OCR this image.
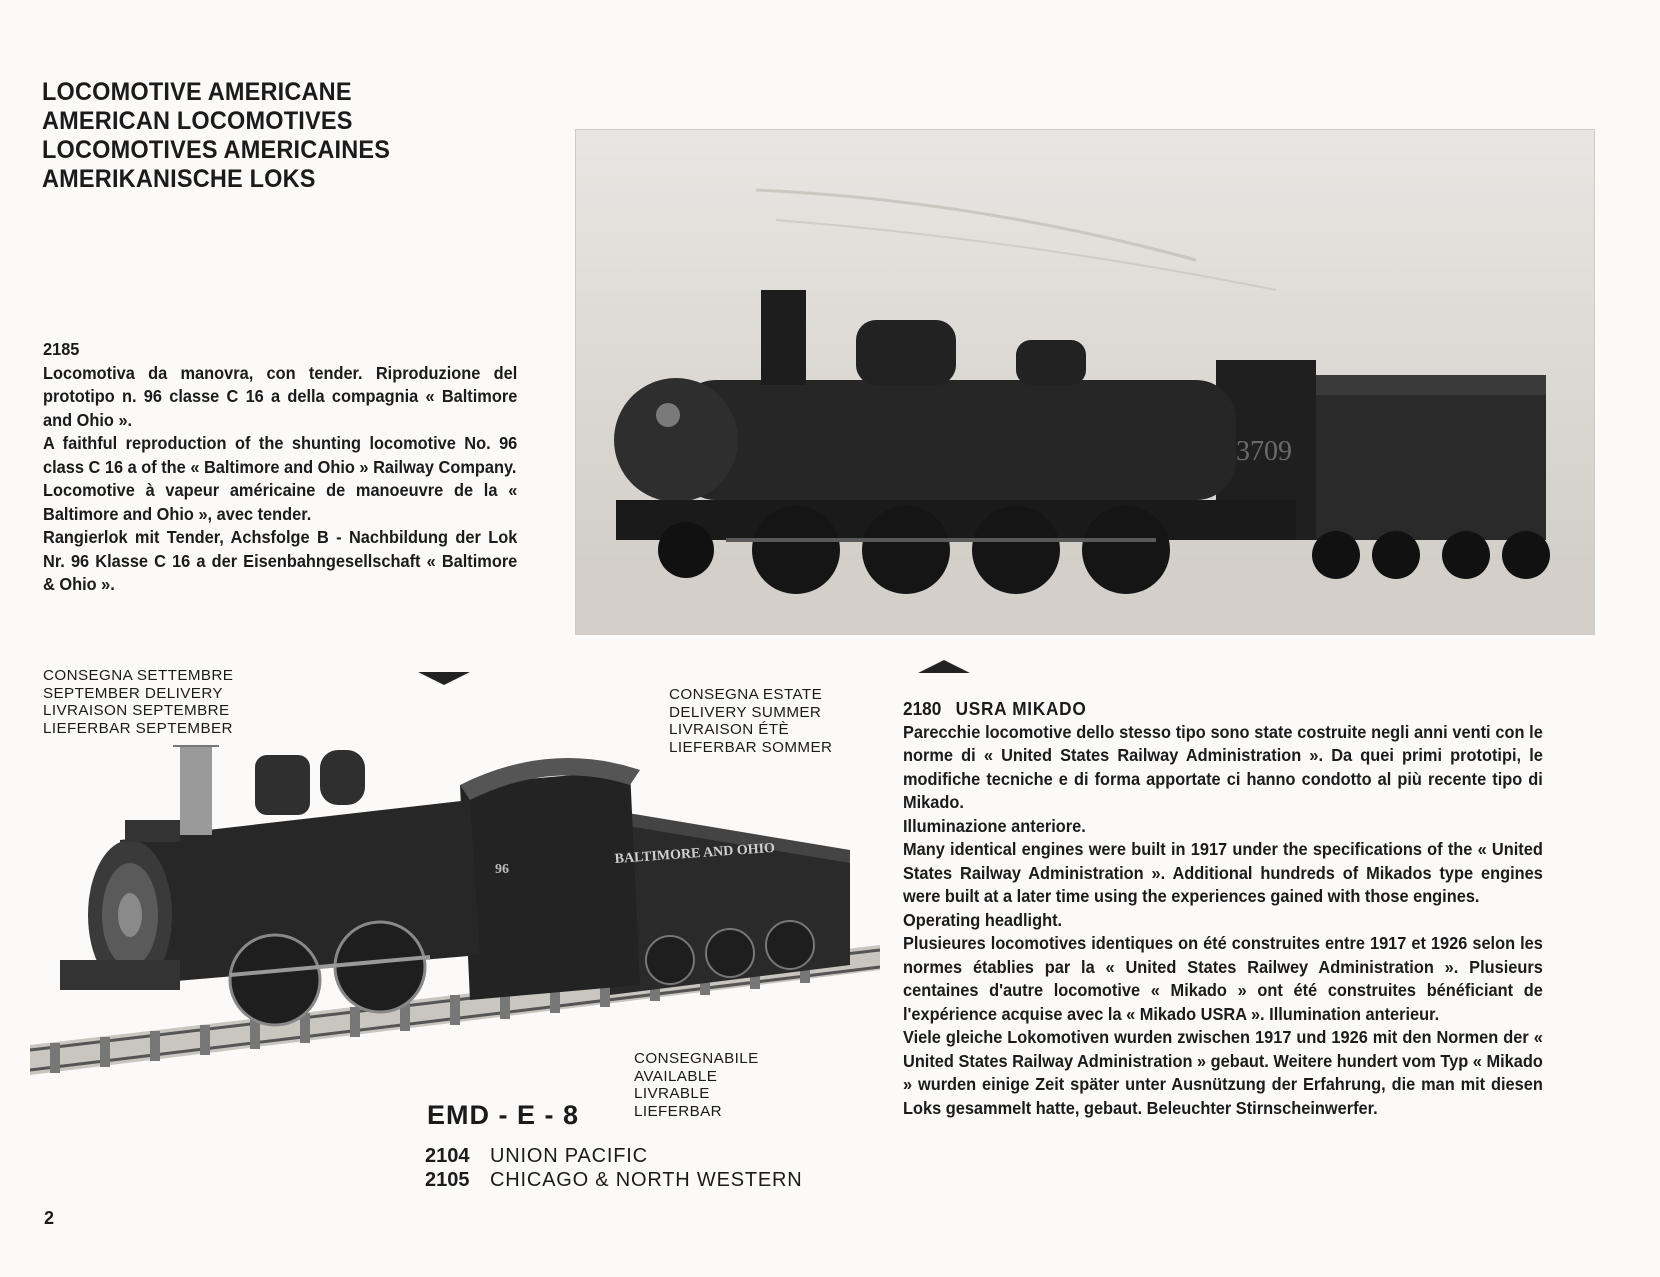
LOCOMOTIVE AMERICANE
AMERICAN LOCOMOTIVES
LOCOMOTIVES AMERICAINES
AMERIKANISCHE LOKS
3709

2185

Locomotiva da manovra, con tender. Riproduzione del prototipo n. 96 classe C 16 a della compagnia « Baltimore and Ohio ».

A faithful reproduction of the shunting locomotive No. 96 class C 16 a of the « Baltimore and Ohio » Railway Company.

Locomotive à vapeur américaine de manoeuvre de la « Baltimore and Ohio », avec tender.

Rangierlok mit Tender, Achsfolge B - Nachbildung der Lok Nr. 96 Klasse C 16 a der Eisenbahngesellschaft « Baltimore & Ohio ».

CONSEGNA SETTEMBRE
SEPTEMBER DELIVERY
LIVRAISON SEPTEMBRE
LIEFERBAR SEPTEMBER
CONSEGNA ESTATE
DELIVERY SUMMER
LIVRAISON ÉTÈ
LIEFERBAR SOMMER
96
BALTIMORE AND OHIO
CONSEGNABILE
AVAILABLE
LIVRABLE
LIEFERBAR
EMD - E - 8
2104 UNION PACIFIC
2105 CHICAGO & NORTH WESTERN

2180 USRA MIKADO

Parecchie locomotive dello stesso tipo sono state costruite negli anni venti con le norme di « United States Railway Administration ». Da quei primi prototipi, le modifiche tecniche e di forma apportate ci hanno condotto al più recente tipo di Mikado.

Illuminazione anteriore.

Many identical engines were built in 1917 under the specifications of the « United States Railway Administration ». Additional hundreds of Mikados type engines were built at a later time using the experiences gained with those engines.

Operating headlight.

Plusieures locomotives identiques on été construites entre 1917 et 1926 selon les normes établies par la « United States Railwey Administration ». Plusieurs centaines d'autre locomotive « Mikado » ont été construites bénéficiant de l'expérience acquise avec la « Mikado USRA ». Illumination anterieur.

Viele gleiche Lokomotiven wurden zwischen 1917 und 1926 mit den Normen der « United States Railway Administration » gebaut. Weitere hundert vom Typ « Mikado » wurden einige Zeit später unter Ausnützung der Erfahrung, die man mit diesen Loks gesammelt hatte, gebaut. Beleuchter Stirnscheinwerfer.

2
